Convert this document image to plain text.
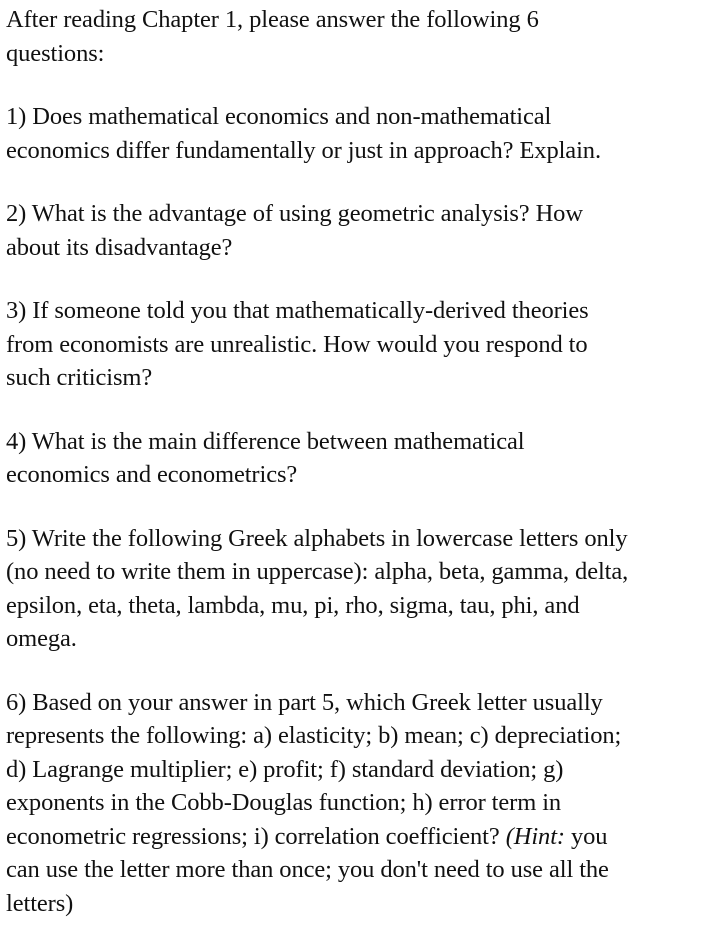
After reading Chapter 1, please answer the following 6
questions:

1) Does mathematical economics and non-mathematical
economics differ fundamentally or just in approach? Explain.

2) What is the advantage of using geometric analysis? How
about its disadvantage?

3) If someone told you that mathematically-derived theories
from economists are unrealistic. How would you respond to
such criticism?

4) What is the main difference between mathematical
economics and econometrics?

5) Write the following Greek alphabets in lowercase letters only
(no need to write them in uppercase): alpha, beta, gamma, delta,
epsilon, eta, theta, lambda, mu, pi, rho, sigma, tau, phi, and
omega.

6) Based on your answer in part 5, which Greek letter usually
represents the following: a) elasticity; b) mean; c) depreciation;
d) Lagrange multiplier; e) profit; f) standard deviation; g)
exponents in the Cobb-Douglas function; h) error term in
econometric regressions; i) correlation coefficient? (Hint: you
can use the letter more than once; you don't need to use all the
letters)
